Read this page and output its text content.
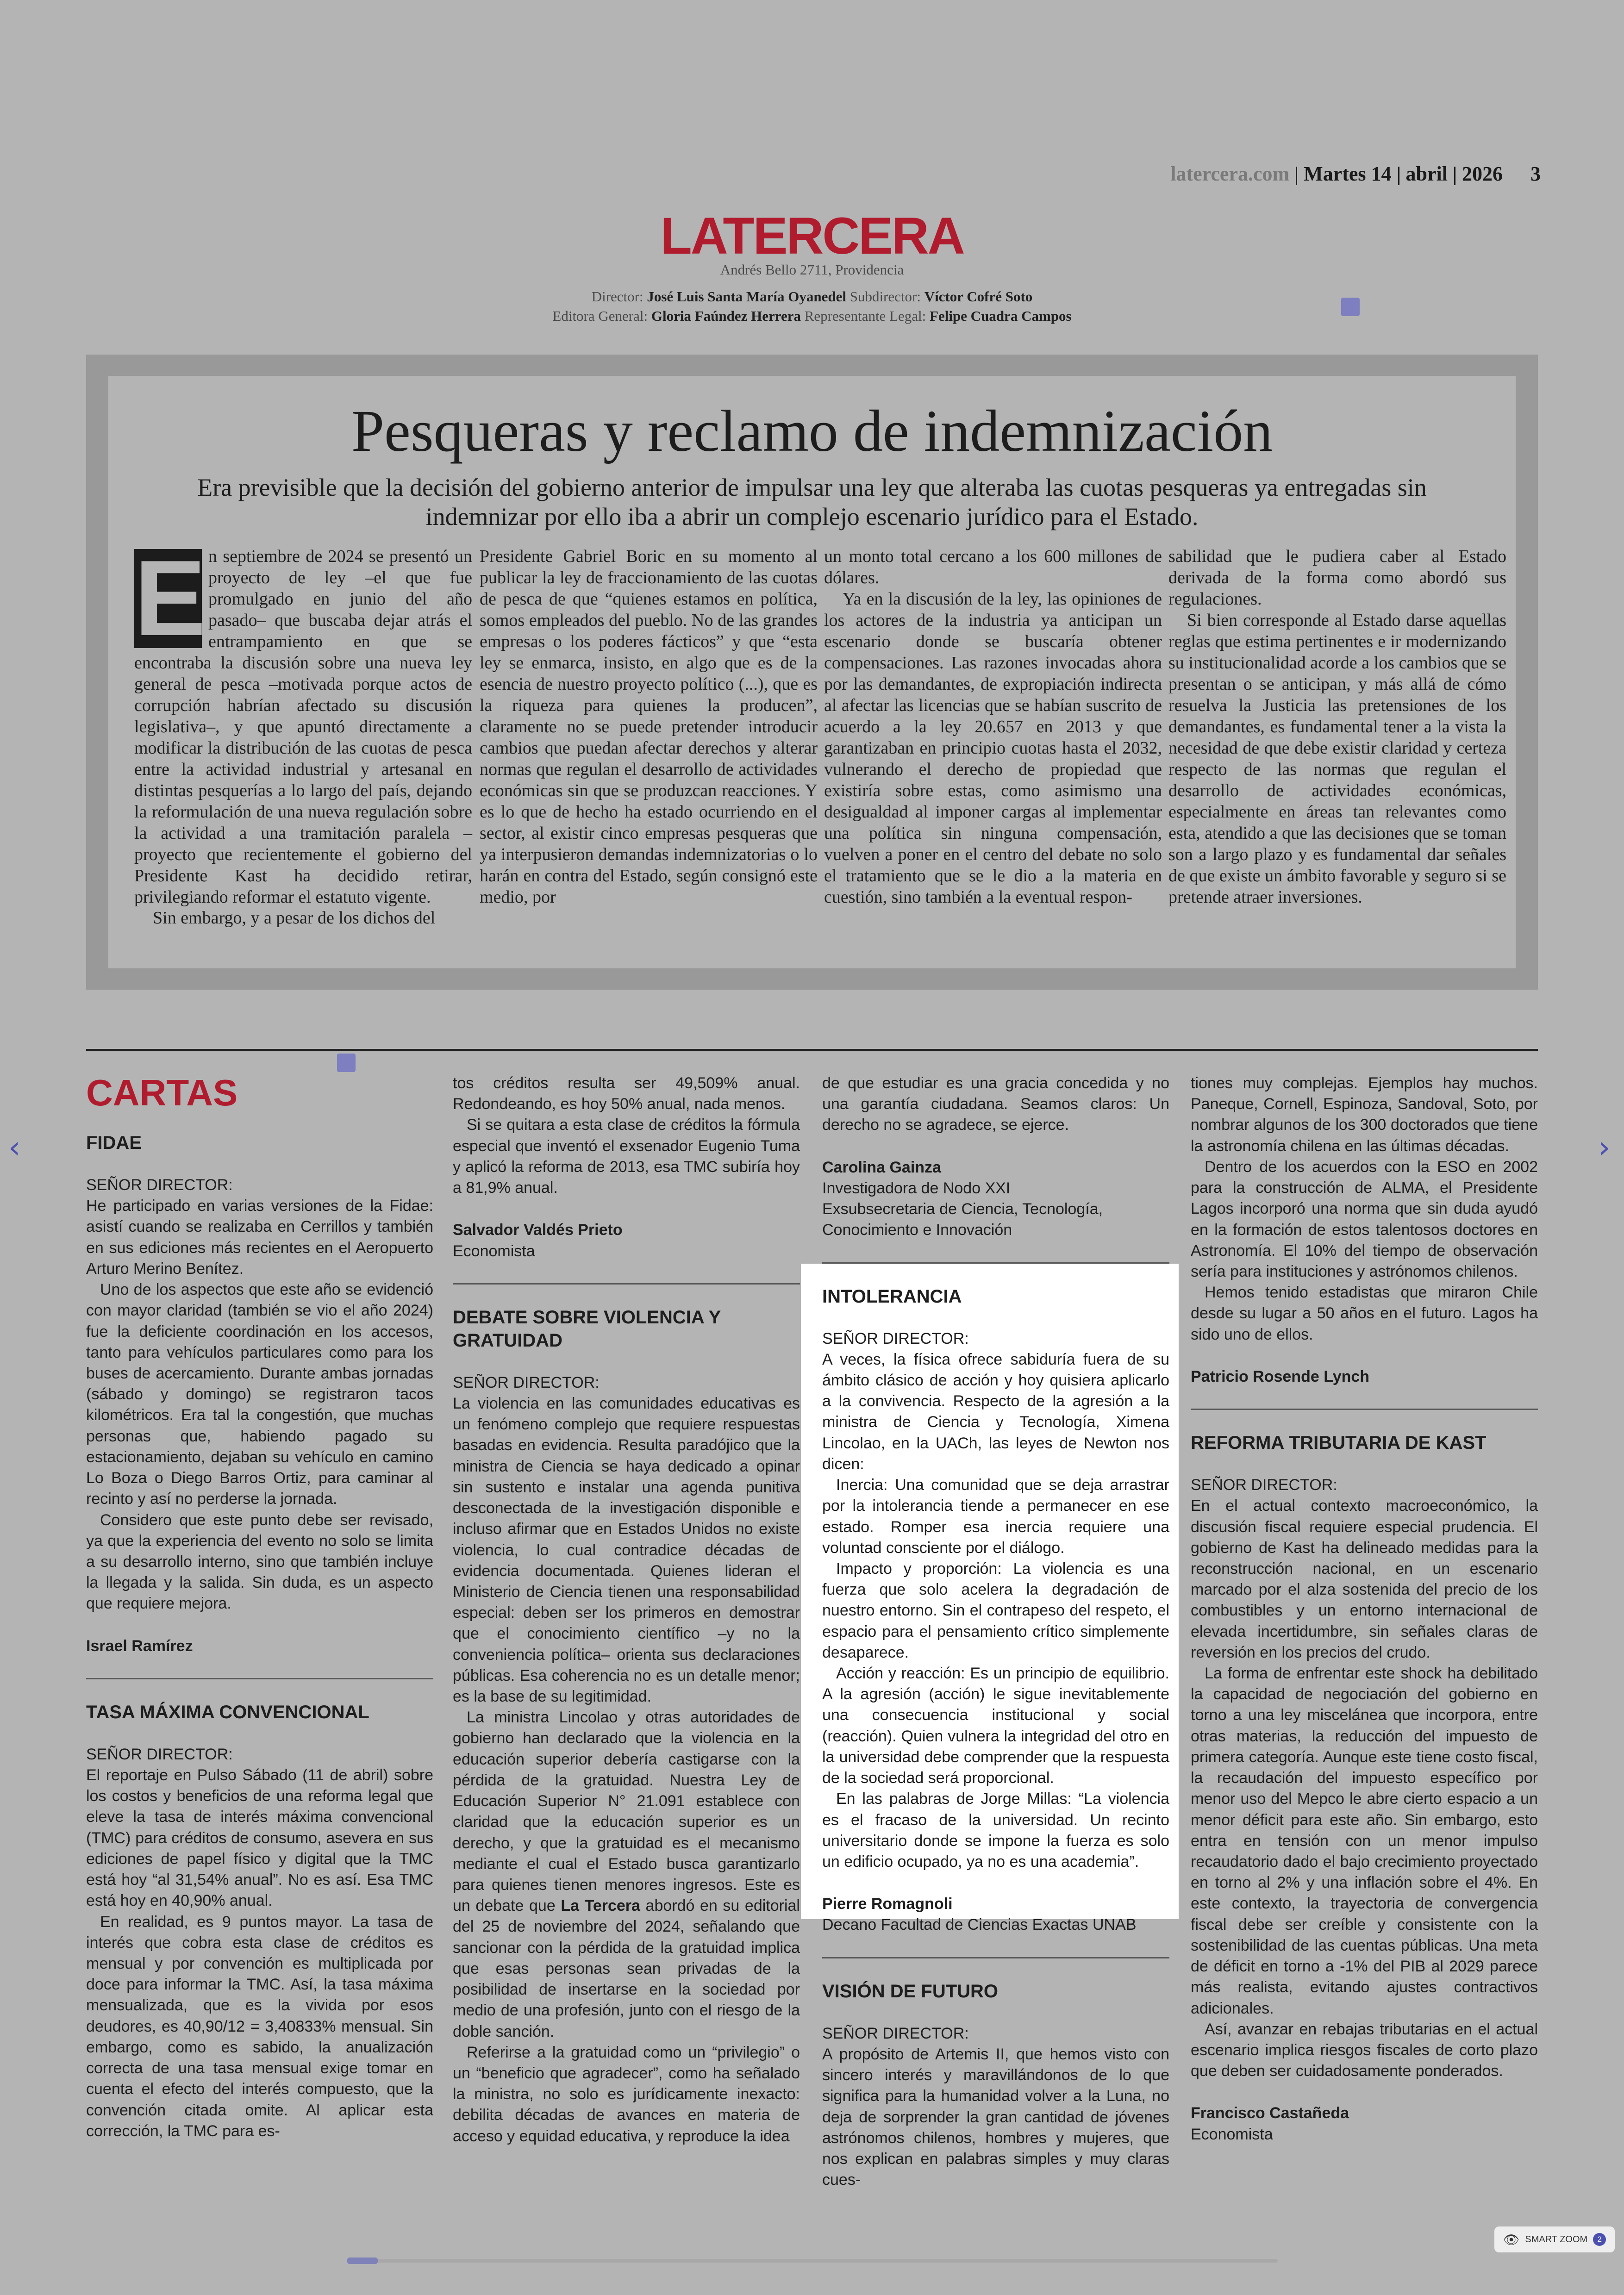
latercera.com Martes 14 abril 2026 3
LATERCERA
Andrés Bello 2711, Providencia
Director: José Luis Santa María Oyanedel Subdirector: Víctor Cofré Soto
Editora General: Gloria Faúndez Herrera Representante Legal: Felipe Cuadra Campos
Pesqueras y reclamo de indemnización
Era previsible que la decisión del gobierno anterior de impulsar una ley que alteraba las cuotas pesqueras ya entregadas sin indemnizar por ello iba a abrir un complejo escenario jurídico para el Estado.
E n septiembre de 2024 se presentó un proyecto de ley –el que fue promulgado en junio del año pasado– que buscaba dejar atrás el entrampamiento en que se encontraba la discusión sobre una nueva ley general de pesca –motivada porque actos de corrupción habrían afectado su discusión legislativa–, y que apuntó directamente a modificar la distribución de las cuotas de pesca entre la actividad industrial y artesanal en distintas pesquerías a lo largo del país, dejando la reformulación de una nueva regulación sobre la actividad a una tramitación paralela –proyecto que recientemente el gobierno del Presidente Kast ha decidido retirar, privilegiando reformar el estatuto vigente.

Sin embargo, y a pesar de los dichos del

Presidente Gabriel Boric en su momento al publicar la ley de fraccionamiento de las cuotas de pesca de que “quienes estamos en política, somos empleados del pueblo. No de las grandes empresas o los poderes fácticos” y que “esta ley se enmarca, insisto, en algo que es de la esencia de nuestro proyecto político (...), que es la riqueza para quienes la producen”, claramente no se puede pretender introducir cambios que puedan afectar derechos y alterar normas que regulan el desarrollo de actividades económicas sin que se produzcan reacciones. Y es lo que de hecho ha estado ocurriendo en el sector, al existir cinco empresas pesqueras que ya interpusieron demandas indemnizatorias o lo harán en contra del Estado, según consignó este medio, por

un monto total cercano a los 600 millones de dólares.

Ya en la discusión de la ley, las opiniones de los actores de la industria ya anticipan un escenario donde se buscaría obtener compensaciones. Las razones invocadas ahora por las demandantes, de expropiación indirecta al afectar las licencias que se habían suscrito de acuerdo a la ley 20.657 en 2013 y que garantizaban en principio cuotas hasta el 2032, vulnerando el derecho de propiedad que existiría sobre estas, como asimismo una desigualdad al imponer cargas al implementar una política sin ninguna compensación, vuelven a poner en el centro del debate no solo el tratamiento que se le dio a la materia en cuestión, sino también a la eventual respon-

sabilidad que le pudiera caber al Estado derivada de la forma como abordó sus regulaciones.

Si bien corresponde al Estado darse aquellas reglas que estima pertinentes e ir modernizando su institucionalidad acorde a los cambios que se presentan o se anticipan, y más allá de cómo resuelva la Justicia las pretensiones de los demandantes, es fundamental tener a la vista la necesidad de que debe existir claridad y certeza respecto de las normas que regulan el desarrollo de actividades económicas, especialmente en áreas tan relevantes como esta, atendido a que las decisiones que se toman son a largo plazo y es fundamental dar señales de que existe un ámbito favorable y seguro si se pretende atraer inversiones.

CARTAS
FIDAE

SEÑOR DIRECTOR:

He participado en varias versiones de la Fidae: asistí cuando se realizaba en Cerrillos y también en sus ediciones más recientes en el Aeropuerto Arturo Merino Benítez.

Uno de los aspectos que este año se evidenció con mayor claridad (también se vio el año 2024) fue la deficiente coordinación en los accesos, tanto para vehículos particulares como para los buses de acercamiento. Durante ambas jornadas (sábado y domingo) se registraron tacos kilométricos. Era tal la congestión, que muchas personas que, habiendo pagado su estacionamiento, dejaban su vehículo en camino Lo Boza o Diego Barros Ortiz, para caminar al recinto y así no perderse la jornada.

Considero que este punto debe ser revisado, ya que la experiencia del evento no solo se limita a su desarrollo interno, sino que también incluye la llegada y la salida. Sin duda, es un aspecto que requiere mejora.

Israel Ramírez

TASA MÁXIMA CONVENCIONAL

SEÑOR DIRECTOR:

El reportaje en Pulso Sábado (11 de abril) sobre los costos y beneficios de una reforma legal que eleve la tasa de interés máxima convencional (TMC) para créditos de consumo, asevera en sus ediciones de papel físico y digital que la TMC está hoy “al 31,54% anual”. No es así. Esa TMC está hoy en 40,90% anual.

En realidad, es 9 puntos mayor. La tasa de interés que cobra esta clase de créditos es mensual y por convención es multiplicada por doce para informar la TMC. Así, la tasa máxima mensualizada, que es la vivida por esos deudores, es 40,90/12 = 3,40833% mensual. Sin embargo, como es sabido, la anualización correcta de una tasa mensual exige tomar en cuenta el efecto del interés compuesto, que la convención citada omite. Al aplicar esta corrección, la TMC para es-

tos créditos resulta ser 49,509% anual. Redondeando, es hoy 50% anual, nada menos.

Si se quitara a esta clase de créditos la fórmula especial que inventó el exsenador Eugenio Tuma y aplicó la reforma de 2013, esa TMC subiría hoy a 81,9% anual.

Salvador Valdés Prieto

Economista

DEBATE SOBRE VIOLENCIA Y GRATUIDAD

SEÑOR DIRECTOR:

La violencia en las comunidades educativas es un fenómeno complejo que requiere respuestas basadas en evidencia. Resulta paradójico que la ministra de Ciencia se haya dedicado a opinar sin sustento e instalar una agenda punitiva desconectada de la investigación disponible e incluso afirmar que en Estados Unidos no existe violencia, lo cual contradice décadas de evidencia documentada. Quienes lideran el Ministerio de Ciencia tienen una responsabilidad especial: deben ser los primeros en demostrar que el conocimiento científico –y no la conveniencia política– orienta sus declaraciones públicas. Esa coherencia no es un detalle menor; es la base de su legitimidad.

La ministra Lincolao y otras autoridades de gobierno han declarado que la violencia en la educación superior debería castigarse con la pérdida de la gratuidad. Nuestra Ley de Educación Superior N° 21.091 establece con claridad que la educación superior es un derecho, y que la gratuidad es el mecanismo mediante el cual el Estado busca garantizarlo para quienes tienen menores ingresos. Este es un debate que La Tercera abordó en su editorial del 25 de noviembre del 2024, señalando que sancionar con la pérdida de la gratuidad implica que esas personas sean privadas de la posibilidad de insertarse en la sociedad por medio de una profesión, junto con el riesgo de la doble sanción.

Referirse a la gratuidad como un “privilegio” o un “beneficio que agradecer”, como ha señalado la ministra, no solo es jurídicamente inexacto: debilita décadas de avances en materia de acceso y equidad educativa, y reproduce la idea

de que estudiar es una gracia concedida y no una garantía ciudadana. Seamos claros: Un derecho no se agradece, se ejerce.

Carolina Gainza

Investigadora de Nodo XXI

Exsubsecretaria de Ciencia, Tecnología, Conocimiento e Innovación

INTOLERANCIA

SEÑOR DIRECTOR:

A veces, la física ofrece sabiduría fuera de su ámbito clásico de acción y hoy quisiera aplicarlo a la convivencia. Respecto de la agresión a la ministra de Ciencia y Tecnología, Ximena Lincolao, en la UACh, las leyes de Newton nos dicen:

Inercia: Una comunidad que se deja arrastrar por la intolerancia tiende a permanecer en ese estado. Romper esa inercia requiere una voluntad consciente por el diálogo.

Impacto y proporción: La violencia es una fuerza que solo acelera la degradación de nuestro entorno. Sin el contrapeso del respeto, el espacio para el pensamiento crítico simplemente desaparece.

Acción y reacción: Es un principio de equilibrio. A la agresión (acción) le sigue inevitablemente una consecuencia institucional y social (reacción). Quien vulnera la integridad del otro en la universidad debe comprender que la respuesta de la sociedad será proporcional.

En las palabras de Jorge Millas: “La violencia es el fracaso de la universidad. Un recinto universitario donde se impone la fuerza es solo un edificio ocupado, ya no es una academia”.

Pierre Romagnoli

Decano Facultad de Ciencias Exactas UNAB

VISIÓN DE FUTURO

SEÑOR DIRECTOR:

A propósito de Artemis II, que hemos visto con sincero interés y maravillándonos de lo que significa para la humanidad volver a la Luna, no deja de sorprender la gran cantidad de jóvenes astrónomos chilenos, hombres y mujeres, que nos explican en palabras simples y muy claras cues-

tiones muy complejas. Ejemplos hay muchos. Paneque, Cornell, Espinoza, Sandoval, Soto, por nombrar algunos de los 300 doctorados que tiene la astronomía chilena en las últimas décadas.

Dentro de los acuerdos con la ESO en 2002 para la construcción de ALMA, el Presidente Lagos incorporó una norma que sin duda ayudó en la formación de estos talentosos doctores en Astronomía. El 10% del tiempo de observación sería para instituciones y astrónomos chilenos.

Hemos tenido estadistas que miraron Chile desde su lugar a 50 años en el futuro. Lagos ha sido uno de ellos.

Patricio Rosende Lynch

REFORMA TRIBUTARIA DE KAST

SEÑOR DIRECTOR:

En el actual contexto macroeconómico, la discusión fiscal requiere especial prudencia. El gobierno de Kast ha delineado medidas para la reconstrucción nacional, en un escenario marcado por el alza sostenida del precio de los combustibles y un entorno internacional de elevada incertidumbre, sin señales claras de reversión en los precios del crudo.

La forma de enfrentar este shock ha debilitado la capacidad de negociación del gobierno en torno a una ley miscelánea que incorpora, entre otras materias, la reducción del impuesto de primera categoría. Aunque este tiene costo fiscal, la recaudación del impuesto específico por menor uso del Mepco le abre cierto espacio a un menor déficit para este año. Sin embargo, esto entra en tensión con un menor impulso recaudatorio dado el bajo crecimiento proyectado en torno al 2% y una inflación sobre el 4%. En este contexto, la trayectoria de convergencia fiscal debe ser creíble y consistente con la sostenibilidad de las cuentas públicas. Una meta de déficit en torno a -1% del PIB al 2029 parece más realista, evitando ajustes contractivos adicionales.

Así, avanzar en rebajas tributarias en el actual escenario implica riesgos fiscales de corto plazo que deben ser cuidadosamente ponderados.

Francisco Castañeda

Economista

‹	›
👁 SMART ZOOM	2
